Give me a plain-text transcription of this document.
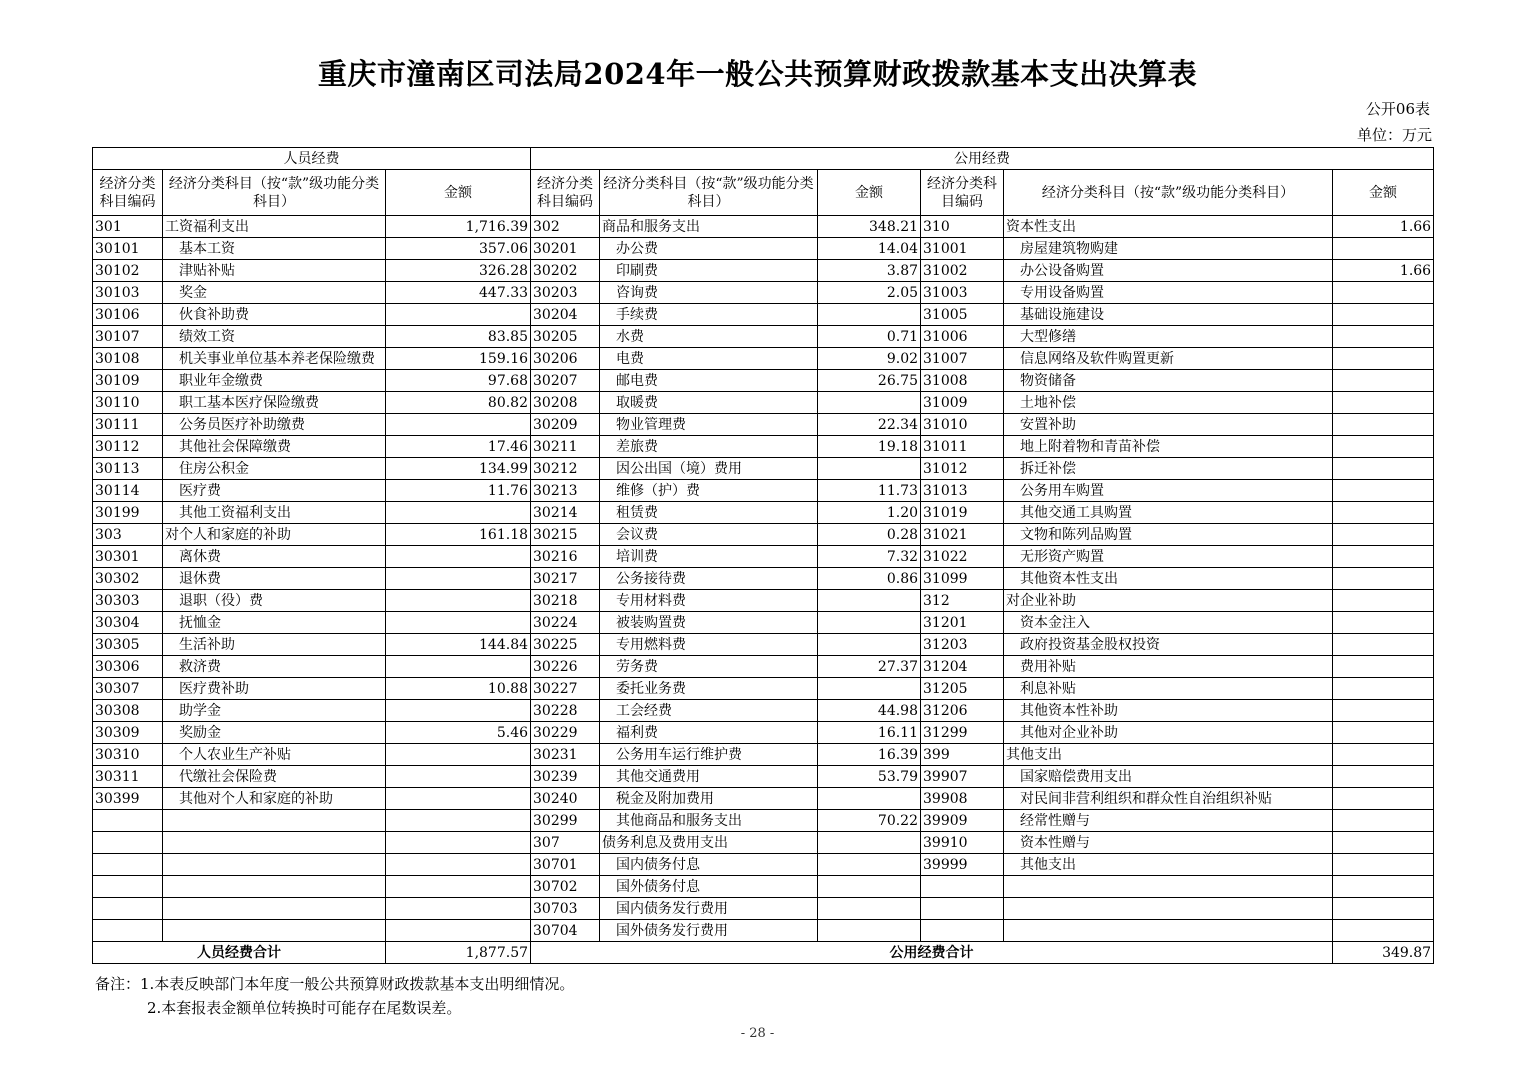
重庆市潼南区司法局2024年一般公共预算财政拨款基本支出决算表
公开06表
单位：万元
人员经费			公用经费					
经济分类科目编码	经济分类科目（按“款”级功能分类科目）	金额	经济分类科目编码	经济分类科目（按“款”级功能分类科目）	金额	经济分类科目编码	经济分类科目（按“款”级功能分类科目）	金额
301	工资福利支出	1,716.39	302	商品和服务支出	348.21	310	资本性支出	1.66
30101	基本工资	357.06	30201	办公费	14.04	31001	房屋建筑物购建	
30102	津贴补贴	326.28	30202	印刷费	3.87	31002	办公设备购置	1.66
30103	奖金	447.33	30203	咨询费	2.05	31003	专用设备购置	
30106	伙食补助费		30204	手续费		31005	基础设施建设	
30107	绩效工资	83.85	30205	水费	0.71	31006	大型修缮	
30108	机关事业单位基本养老保险缴费	159.16	30206	电费	9.02	31007	信息网络及软件购置更新	
30109	职业年金缴费	97.68	30207	邮电费	26.75	31008	物资储备	
30110	职工基本医疗保险缴费	80.82	30208	取暖费		31009	土地补偿	
30111	公务员医疗补助缴费		30209	物业管理费	22.34	31010	安置补助	
30112	其他社会保障缴费	17.46	30211	差旅费	19.18	31011	地上附着物和青苗补偿	
30113	住房公积金	134.99	30212	因公出国（境）费用		31012	拆迁补偿	
30114	医疗费	11.76	30213	维修（护）费	11.73	31013	公务用车购置	
30199	其他工资福利支出		30214	租赁费	1.20	31019	其他交通工具购置	
303	对个人和家庭的补助	161.18	30215	会议费	0.28	31021	文物和陈列品购置	
30301	离休费		30216	培训费	7.32	31022	无形资产购置	
30302	退休费		30217	公务接待费	0.86	31099	其他资本性支出	
30303	退职（役）费		30218	专用材料费		312	对企业补助	
30304	抚恤金		30224	被装购置费		31201	资本金注入	
30305	生活补助	144.84	30225	专用燃料费		31203	政府投资基金股权投资	
30306	救济费		30226	劳务费	27.37	31204	费用补贴	
30307	医疗费补助	10.88	30227	委托业务费		31205	利息补贴	
30308	助学金		30228	工会经费	44.98	31206	其他资本性补助	
30309	奖励金	5.46	30229	福利费	16.11	31299	其他对企业补助	
30310	个人农业生产补贴		30231	公务用车运行维护费	16.39	399	其他支出	
30311	代缴社会保险费		30239	其他交通费用	53.79	39907	国家赔偿费用支出	
30399	其他对个人和家庭的补助		30240	税金及附加费用		39908	对民间非营利组织和群众性自治组织补贴	
			30299	其他商品和服务支出	70.22	39909	经常性赠与	
			307	债务利息及费用支出		39910	资本性赠与	
			30701	国内债务付息		39999	其他支出	
			30702	国外债务付息				
			30703	国内债务发行费用				
			30704	国外债务发行费用				
人员经费合计		1,877.57	公用经费合计					349.87
备注：1.本表反映部门本年度一般公共预算财政拨款基本支出明细情况。
2.本套报表金额单位转换时可能存在尾数误差。
- 28 -
